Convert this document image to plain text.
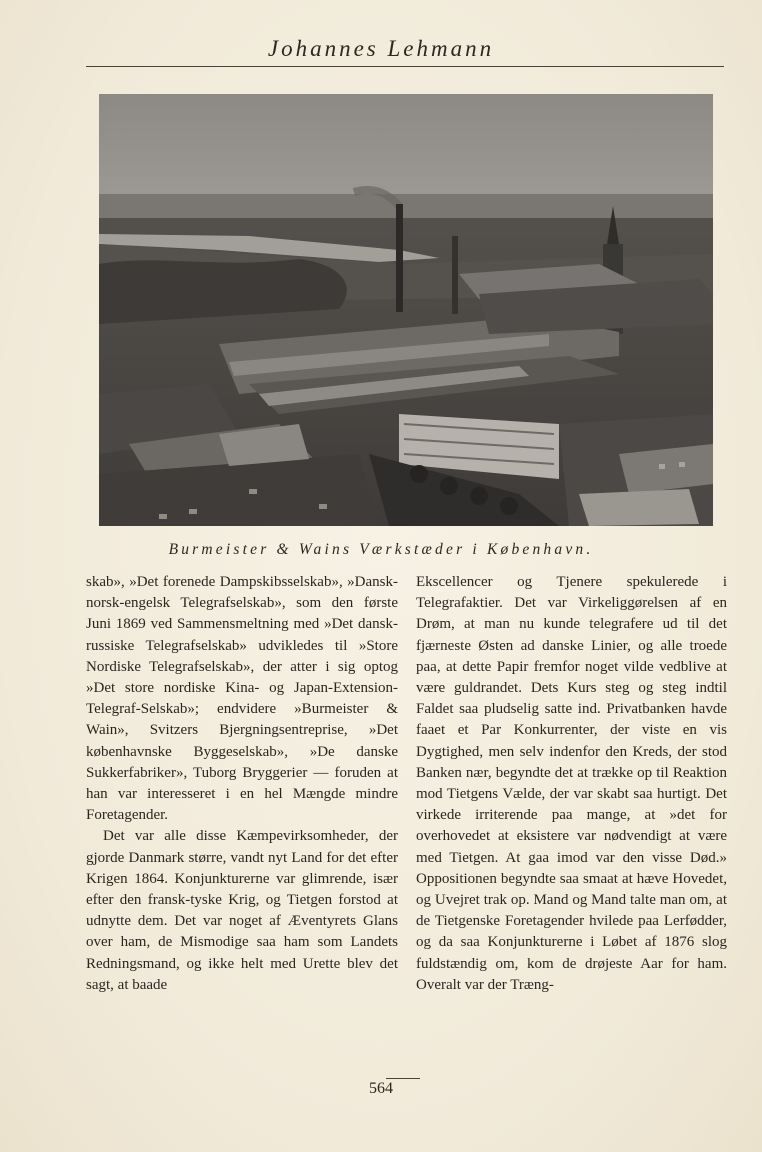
Johannes Lehmann
Burmeister & Wains Værkstæder i København.

skab», »Det forenede Dampskibsselskab», »Dansk-norsk-engelsk Telegrafselskab», som den første Juni 1869 ved Sammensmeltning med »Det dansk-russiske Telegrafselskab» udvikledes til »Store Nordiske Telegrafselskab», der atter i sig optog »Det store nordiske Kina- og Japan-Extension- Telegraf-Selskab»; endvidere »Burmeister & Wain», Svitzers Bjergningsentreprise, »Det københavnske Byggeselskab», »De danske Sukkerfabriker», Tuborg Bryggerier — foruden at han var interesseret i en hel Mængde mindre Foretagender.

Det var alle disse Kæmpevirksomheder, der gjorde Danmark større, vandt nyt Land for det efter Krigen 1864. Konjunkturerne var glimrende, især efter den fransk-tyske Krig, og Tietgen forstod at udnytte dem. Det var noget af Æventyrets Glans over ham, de Mismodige saa ham som Landets Redningsmand, og ikke helt med Urette blev det sagt, at baade

Ekscellencer og Tjenere spekulerede i Telegrafaktier. Det var Virkeliggørelsen af en Drøm, at man nu kunde telegrafere ud til det fjærneste Østen ad danske Linier, og alle troede paa, at dette Papir fremfor noget vilde vedblive at være guldrandet. Dets Kurs steg og steg indtil Faldet saa pludselig satte ind. Privatbanken havde faaet et Par Konkurrenter, der viste en vis Dygtighed, men selv indenfor den Kreds, der stod Banken nær, begyndte det at trække op til Reaktion mod Tietgens Vælde, der var skabt saa hurtigt. Det virkede irriterende paa mange, at »det for overhovedet at eksistere var nødvendigt at være med Tietgen. At gaa imod var den visse Død.» Oppositionen begyndte saa smaat at hæve Hovedet, og Uvejret trak op. Mand og Mand talte man om, at de Tietgenske Foretagender hvilede paa Lerfødder, og da saa Konjunkturerne i Løbet af 1876 slog fuldstændig om, kom de drøjeste Aar for ham. Overalt var der Træng-

564
